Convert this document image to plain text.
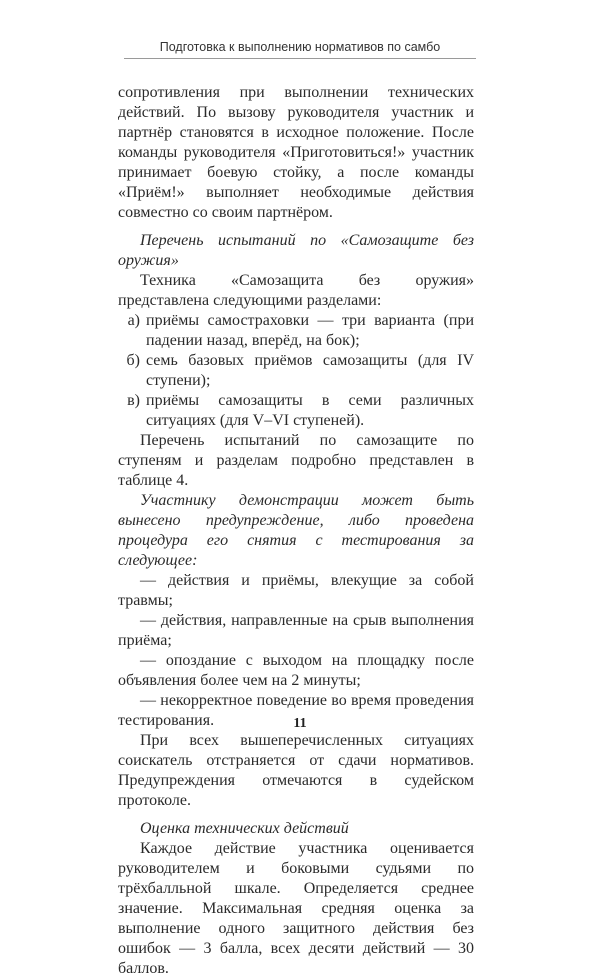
Подготовка к выполнению нормативов по самбо

сопротивления при выполнении технических действий. По вызову руководителя участник и партнёр становятся в исходное положение. После команды руководителя «Приготовиться!» участник принимает боевую стойку, а после команды «Приём!» выполняет необходимые действия совместно со своим партнёром.

Перечень испытаний по «Самозащите без оружия»

Техника «Самозащита без оружия» представлена следующими разделами:

а) приёмы самостраховки — три варианта (при падении назад, вперёд, на бок);
б) семь базовых приёмов самозащиты (для IV ступени);
в) приёмы самозащиты в семи различных ситуациях (для V–VI ступеней).

Перечень испытаний по самозащите по ступеням и разделам подробно представлен в таблице 4.

Участнику демонстрации может быть вынесено предупреждение, либо проведена процедура его снятия с тестирования за следующее:

— действия и приёмы, влекущие за собой травмы;

— действия, направленные на срыв выполнения приёма;

— опоздание с выходом на площадку после объявления более чем на 2 минуты;

— некорректное поведение во время проведения тестирования.

При всех вышеперечисленных ситуациях соискатель отстраняется от сдачи нормативов. Предупреждения отмечаются в судейском протоколе.

Оценка технических действий

Каждое действие участника оценивается руководителем и боковыми судьями по трёхбалльной шкале. Определяется среднее значение. Максимальная средняя оценка за выполнение одного защитного действия без ошибок — 3 балла, всех десяти действий — 30 баллов.

11
